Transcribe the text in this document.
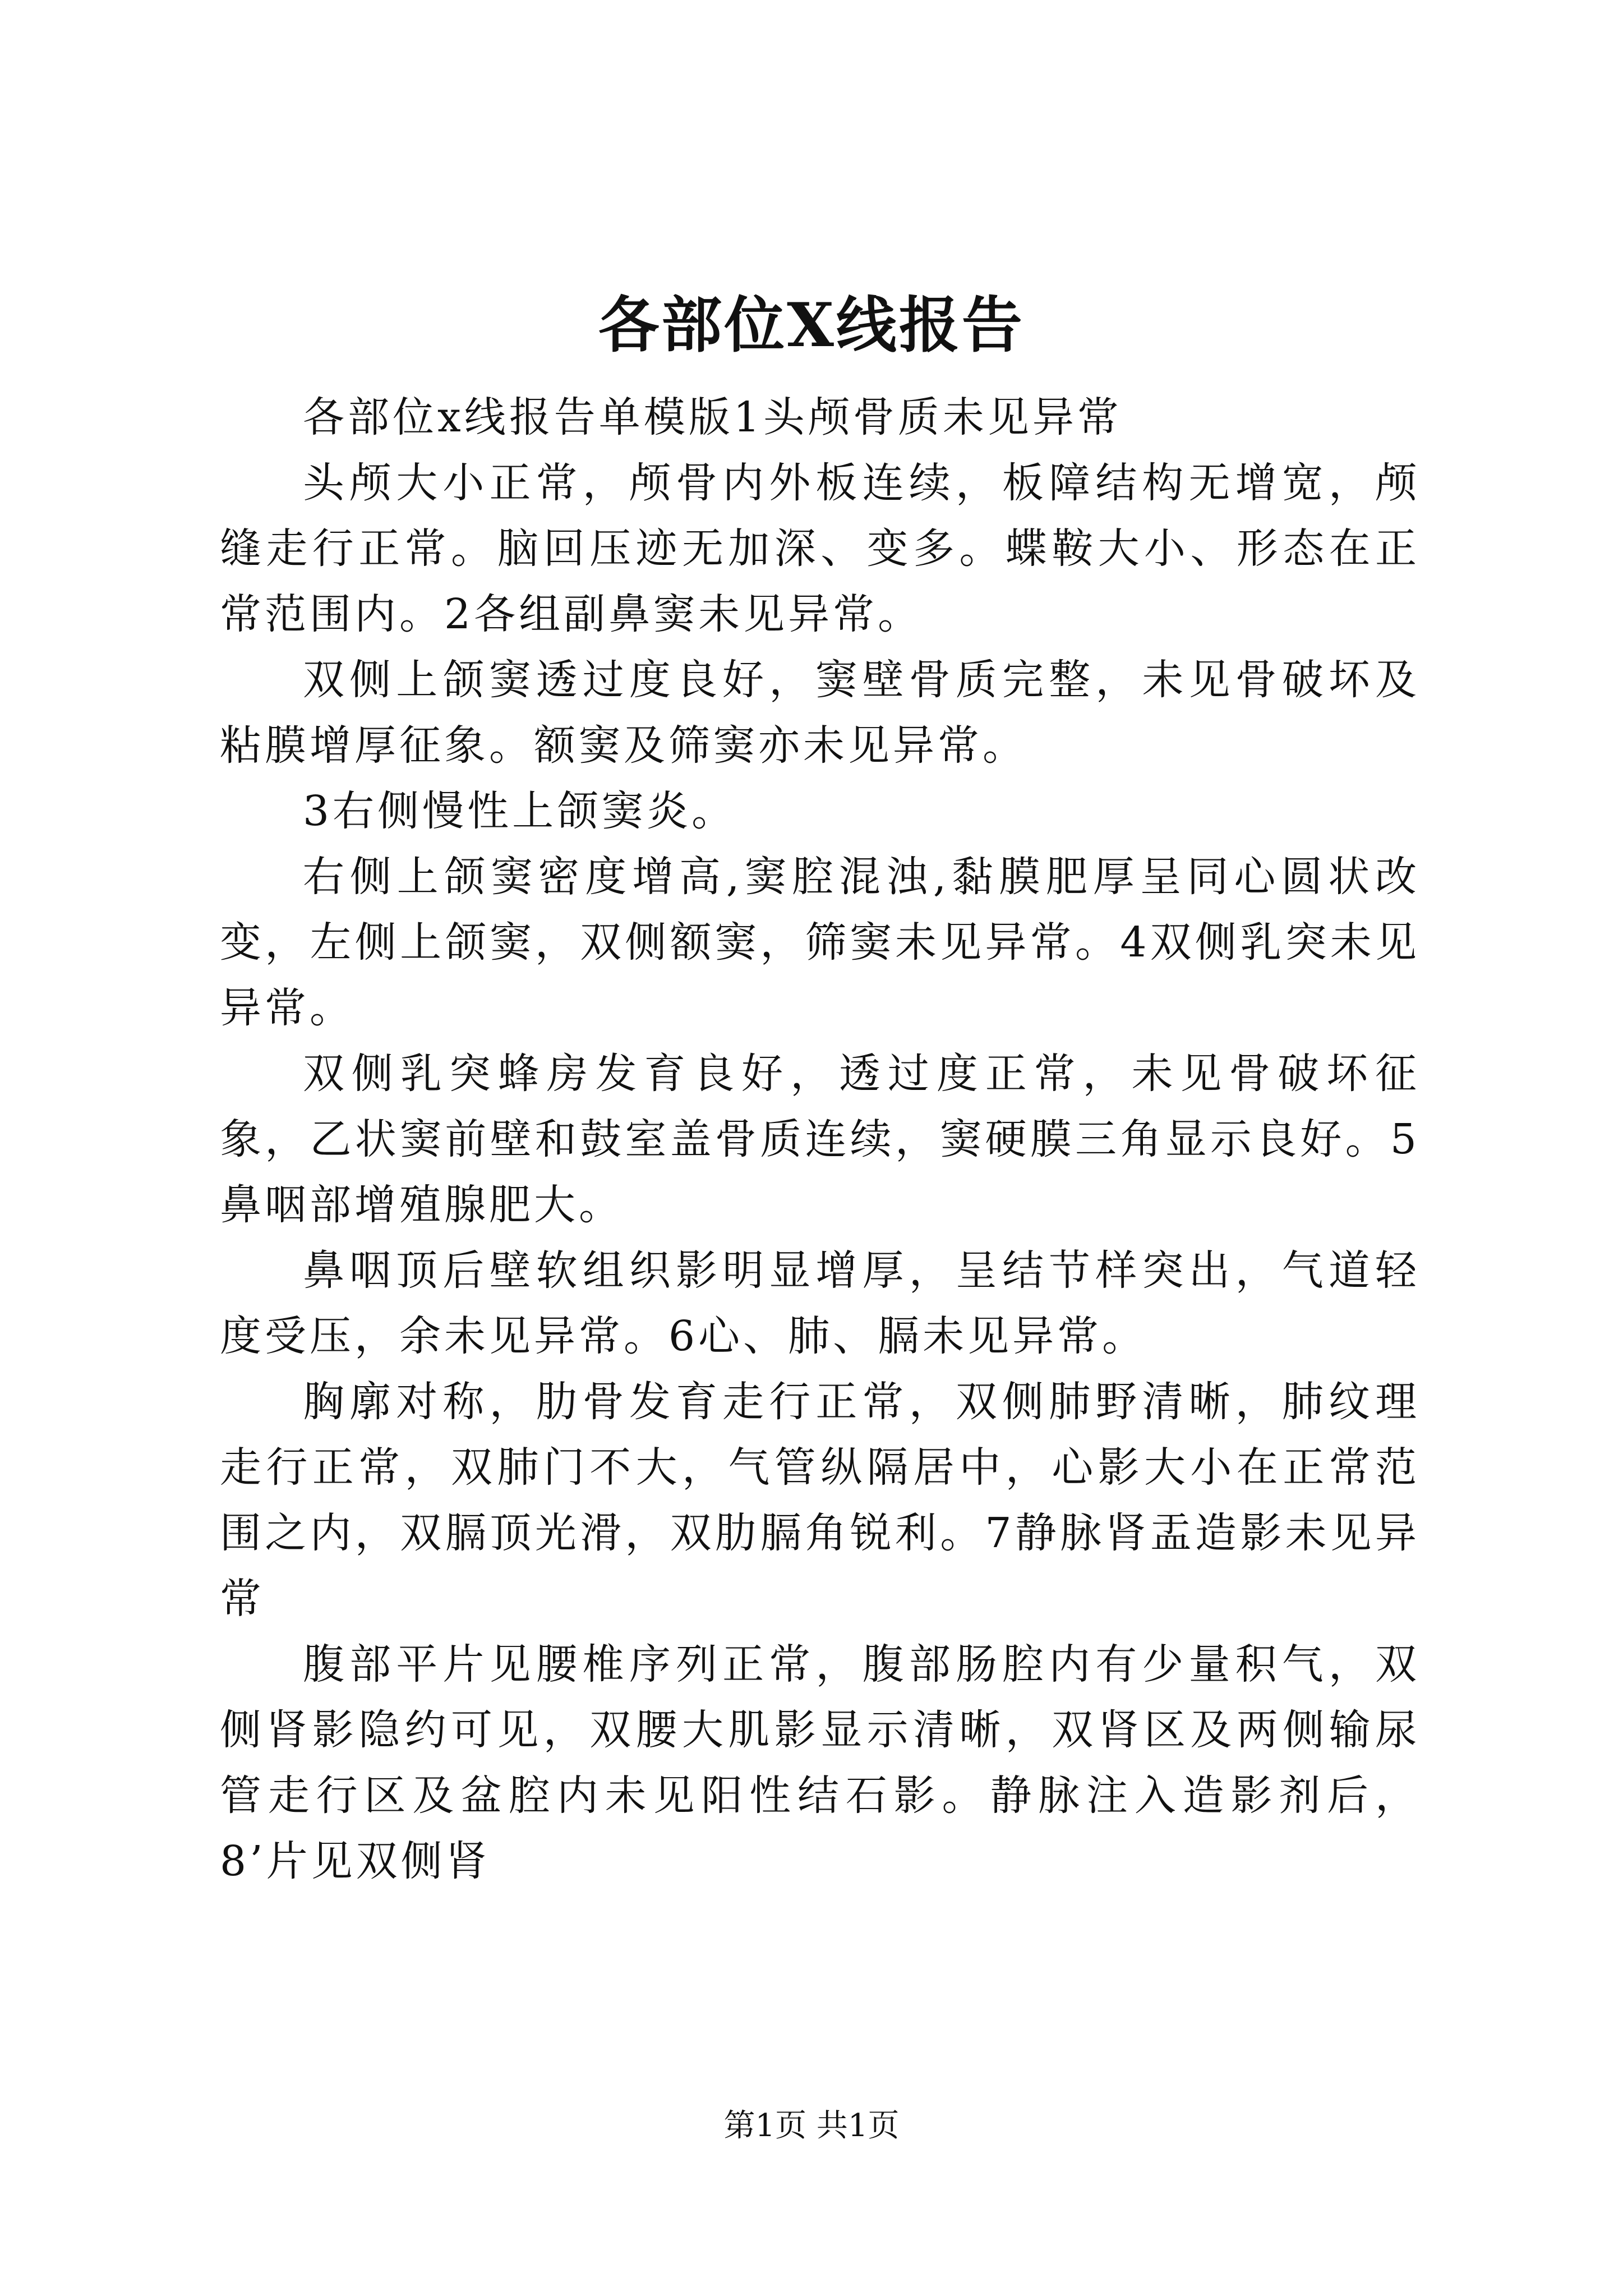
各部位X线报告

各部位x线报告单模版1头颅骨质未见异常

头颅大小正常，颅骨内外板连续，板障结构无增宽，颅缝走行正常。脑回压迹无加深、变多。蝶鞍大小、形态在正常范围内。2各组副鼻窦未见异常。

双侧上颌窦透过度良好，窦壁骨质完整，未见骨破坏及粘膜增厚征象。额窦及筛窦亦未见异常。

3右侧慢性上颌窦炎。

右侧上颌窦密度增高,窦腔混浊,黏膜肥厚呈同心圆状改变，左侧上颌窦，双侧额窦，筛窦未见异常。4双侧乳突未见异常。

双侧乳突蜂房发育良好，透过度正常，未见骨破坏征象，乙状窦前壁和鼓室盖骨质连续，窦硬膜三角显示良好。5鼻咽部增殖腺肥大。

鼻咽顶后壁软组织影明显增厚，呈结节样突出，气道轻度受压，余未见异常。6心、肺、膈未见异常。

胸廓对称，肋骨发育走行正常，双侧肺野清晰，肺纹理走行正常，双肺门不大，气管纵隔居中，心影大小在正常范围之内，双膈顶光滑，双肋膈角锐利。7静脉肾盂造影未见异常

腹部平片见腰椎序列正常，腹部肠腔内有少量积气，双侧肾影隐约可见，双腰大肌影显示清晰，双肾区及两侧输尿管走行区及盆腔内未见阳性结石影。静脉注入造影剂后，8’片见双侧肾

第1页 共1页
